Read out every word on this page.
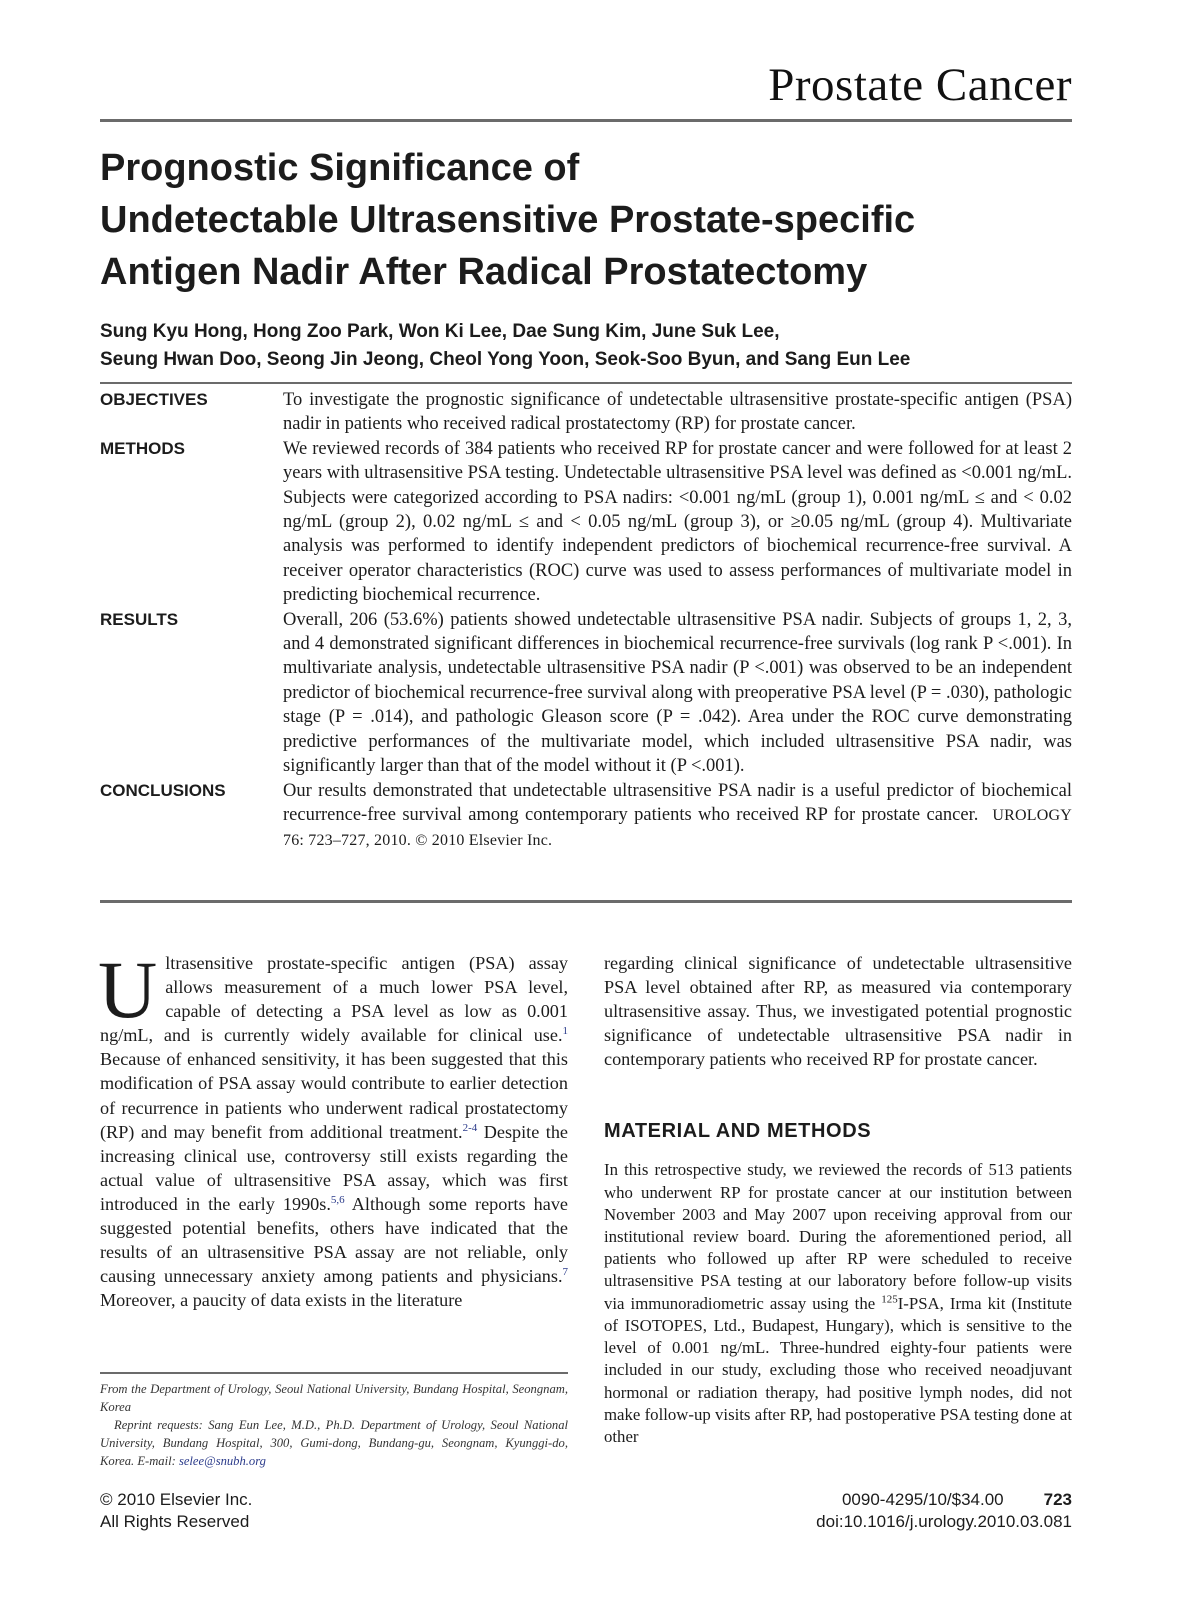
Prostate Cancer
Prognostic Significance of
Undetectable Ultrasensitive Prostate-specific
Antigen Nadir After Radical Prostatectomy
Sung Kyu Hong, Hong Zoo Park, Won Ki Lee, Dae Sung Kim, June Suk Lee,
Seung Hwan Doo, Seong Jin Jeong, Cheol Yong Yoon, Seok-Soo Byun, and Sang Eun Lee
OBJECTIVES	To investigate the prognostic significance of undetectable ultrasensitive prostate-specific antigen (PSA) nadir in patients who received radical prostatectomy (RP) for prostate cancer.
METHODS	We reviewed records of 384 patients who received RP for prostate cancer and were followed for at least 2 years with ultrasensitive PSA testing. Undetectable ultrasensitive PSA level was defined as <0.001 ng/mL. Subjects were categorized according to PSA nadirs: <0.001 ng/mL (group 1), 0.001 ng/mL ≤ and < 0.02 ng/mL (group 2), 0.02 ng/mL ≤ and < 0.05 ng/mL (group 3), or ≥0.05 ng/mL (group 4). Multivariate analysis was performed to identify independent predictors of biochemical recurrence-free survival. A receiver operator characteristics (ROC) curve was used to assess performances of multivariate model in predicting biochemical recurrence.
RESULTS	Overall, 206 (53.6%) patients showed undetectable ultrasensitive PSA nadir. Subjects of groups 1, 2, 3, and 4 demonstrated significant differences in biochemical recurrence-free survivals (log rank P <.001). In multivariate analysis, undetectable ultrasensitive PSA nadir (P <.001) was observed to be an independent predictor of biochemical recurrence-free survival along with preoperative PSA level (P = .030), pathologic stage (P = .014), and pathologic Gleason score (P = .042). Area under the ROC curve demonstrating predictive performances of the multivariate model, which included ultrasensitive PSA nadir, was significantly larger than that of the model without it (P <.001).
CONCLUSIONS	Our results demonstrated that undetectable ultrasensitive PSA nadir is a useful predictor of biochemical recurrence-free survival among contemporary patients who received RP for prostate cancer. UROLOGY 76: 723–727, 2010. © 2010 Elsevier Inc.
Ultrasensitive prostate-specific antigen (PSA) assay allows measurement of a much lower PSA level, capable of detecting a PSA level as low as 0.001 ng/mL, and is currently widely available for clinical use.$^1$ Because of enhanced sensitivity, it has been suggested that this modification of PSA assay would contribute to earlier detection of recurrence in patients who underwent radical prostatectomy (RP) and may benefit from additional treatment.$^{2-4}$ Despite the increasing clinical use, controversy still exists regarding the actual value of ultrasensitive PSA assay, which was first introduced in the early 1990s.$^{5,6}$ Although some reports have suggested potential benefits, others have indicated that the results of an ultrasensitive PSA assay are not reliable, only causing unnecessary anxiety among patients and physicians.$^7$ Moreover, a paucity of data exists in the literature
regarding clinical significance of undetectable ultrasensitive PSA level obtained after RP, as measured via contemporary ultrasensitive assay. Thus, we investigated potential prognostic significance of undetectable ultrasensitive PSA nadir in contemporary patients who received RP for prostate cancer.
MATERIAL AND METHODS

In this retrospective study, we reviewed the records of 513 patients who underwent RP for prostate cancer at our institution between November 2003 and May 2007 upon receiving approval from our institutional review board. During the aforementioned period, all patients who followed up after RP were scheduled to receive ultrasensitive PSA testing at our laboratory before follow-up visits via immunoradiometric assay using the $^{125}$I-PSA, Irma kit (Institute of ISOTOPES, Ltd., Budapest, Hungary), which is sensitive to the level of 0.001 ng/mL. Three-hundred eighty-four patients were included in our study, excluding those who received neoadjuvant hormonal or radiation therapy, had positive lymph nodes, did not make follow-up visits after RP, had postoperative PSA testing done at other

From the Department of Urology, Seoul National University, Bundang Hospital, Seongnam, Korea

Reprint requests: Sang Eun Lee, M.D., Ph.D. Department of Urology, Seoul National University, Bundang Hospital, 300, Gumi-dong, Bundang-gu, Seongnam, Kyunggi-do, Korea. E-mail: selee@snubh.org

© 2010 Elsevier Inc.
All Rights Reserved
0090-4295/10/$34.00 723
doi:10.1016/j.urology.2010.03.081
